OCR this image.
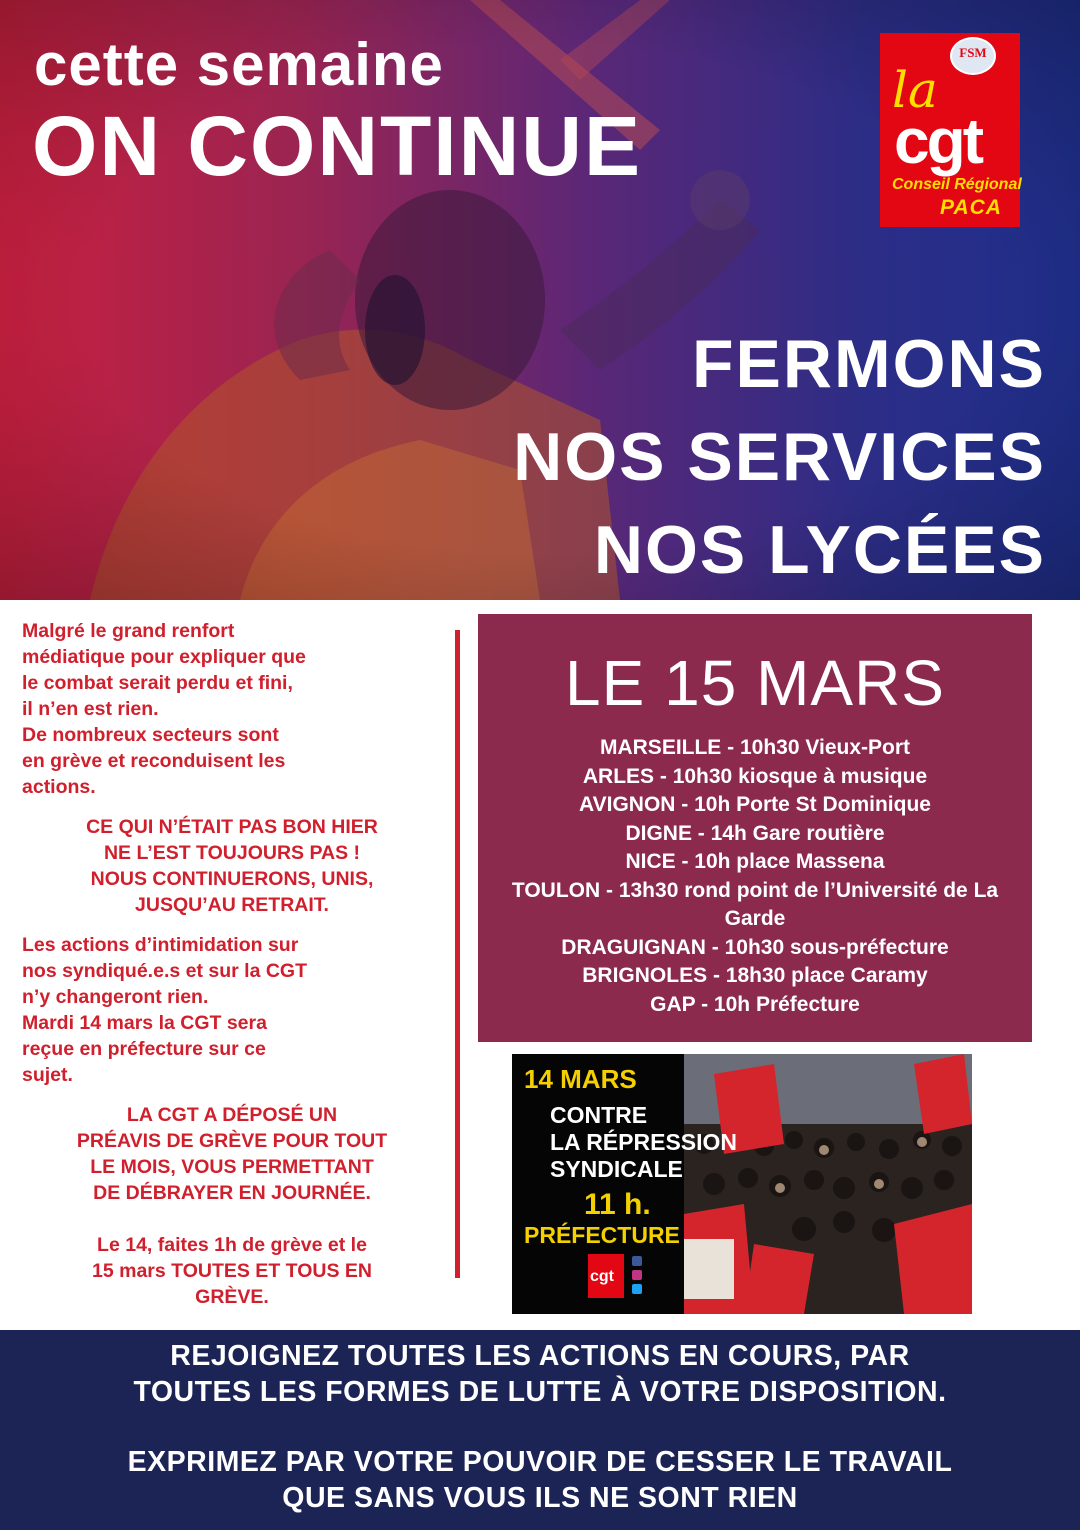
cette semaine
ON CONTINUE
FERMONS
NOS SERVICES
NOS LYCÉES
FSM
la
cgt
Conseil Régional
PACA

Malgré le grand renfort

médiatique pour expliquer que

le combat serait perdu et fini,

il n’en est rien.

De nombreux secteurs sont

en grève et reconduisent les

actions.

CE QUI N’ÉTAIT PAS BON HIER

NE L’EST TOUJOURS PAS !

NOUS CONTINUERONS, UNIS,

JUSQU’AU RETRAIT.

Les actions d’intimidation sur

nos syndiqué.e.s et sur la CGT

n’y changeront rien.

Mardi 14 mars la CGT sera

reçue en préfecture sur ce

sujet.

LA CGT A DÉPOSÉ UN

PRÉAVIS DE GRÈVE POUR TOUT

LE MOIS, VOUS PERMETTANT

DE DÉBRAYER EN JOURNÉE.

Le 14, faites 1h de grève et le

15 mars TOUTES ET TOUS EN

GRÈVE.

LE 15 MARS
MARSEILLE - 10h30 Vieux-Port
ARLES - 10h30 kiosque à musique
AVIGNON - 10h Porte St Dominique
DIGNE - 14h Gare routière
NICE - 10h place Massena
TOULON - 13h30 rond point de l’Université de La Garde
DRAGUIGNAN - 10h30 sous-préfecture
BRIGNOLES - 18h30 place Caramy
GAP - 10h Préfecture
14 MARS
CONTRE
LA RÉPRESSION
SYNDICALE
11 h.
PRÉFECTURE
cgt
REJOIGNEZ TOUTES LES ACTIONS EN COURS, PAR
TOUTES LES FORMES DE LUTTE À VOTRE DISPOSITION.
EXPRIMEZ PAR VOTRE POUVOIR DE CESSER LE TRAVAIL
QUE SANS VOUS ILS NE SONT RIEN
